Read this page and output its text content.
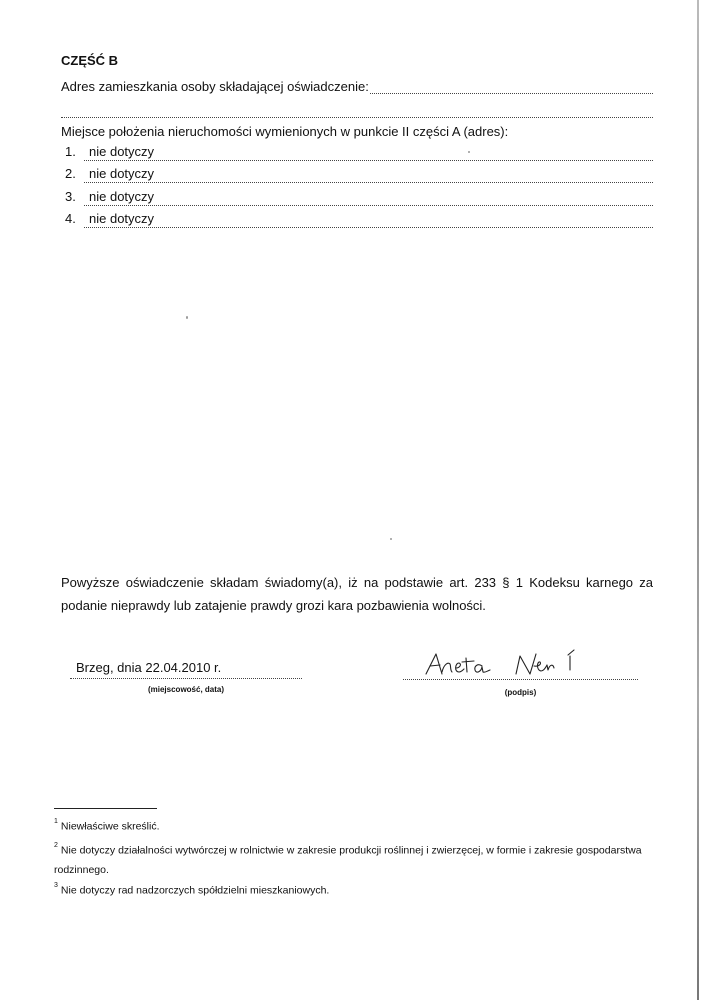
CZĘŚĆ B
Adres zamieszkania osoby składającej oświadczenie:
Miejsce położenia nieruchomości wymienionych w punkcie II części A (adres):
1. nie dotyczy
2. nie dotyczy
3. nie dotyczy
4. nie dotyczy
Powyższe oświadczenie składam świadomy(a), iż na podstawie art. 233 § 1 Kodeksu karnego za podanie nieprawdy lub zatajenie prawdy grozi kara pozbawienia wolności.
Brzeg, dnia 22.04.2010 r.
(miejscowość, data)	(podpis)
$^1$ Niewłaściwe skreślić.
$^2$ Nie dotyczy działalności wytwórczej w rolnictwie w zakresie produkcji roślinnej i zwierzęcej, w formie i zakresie gospodarstwa rodzinnego.
$^3$ Nie dotyczy rad nadzorczych spółdzielni mieszkaniowych.
